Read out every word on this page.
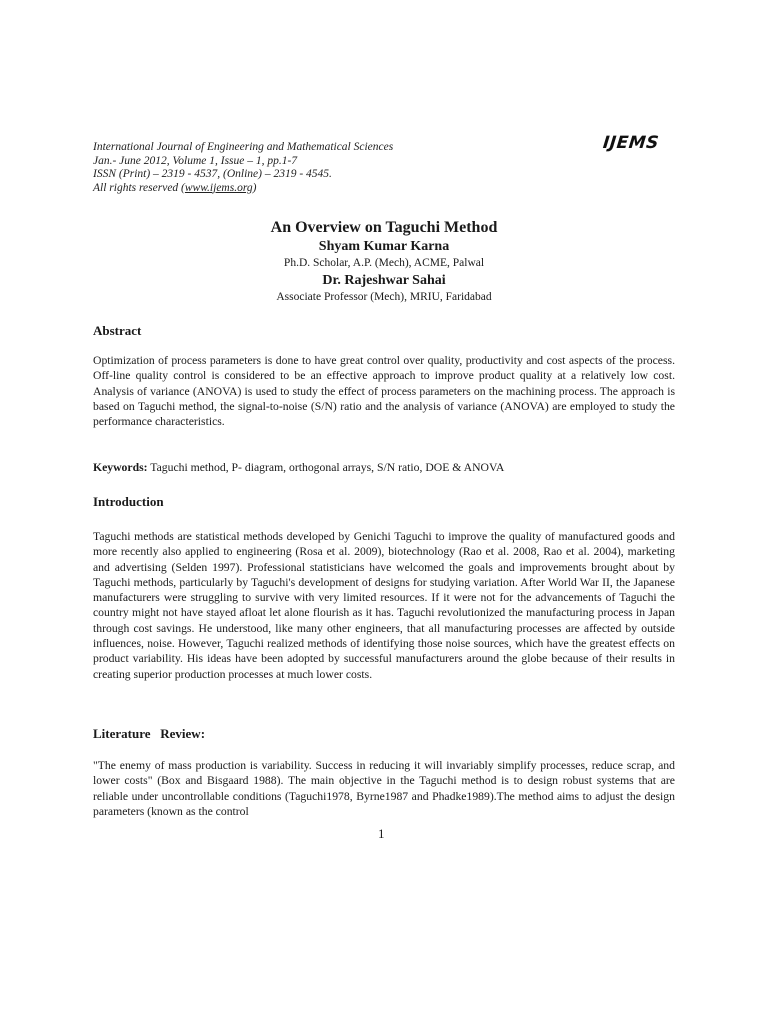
International Journal of Engineering and Mathematical Sciences
Jan.- June 2012, Volume 1, Issue – 1, pp.1-7
ISSN (Print) – 2319 - 4537, (Online) – 2319 - 4545.
All rights reserved (www.ijems.org)
IJEMS

An Overview on Taguchi Method

Shyam Kumar Karna

Ph.D. Scholar, A.P. (Mech), ACME, Palwal

Dr. Rajeshwar Sahai

Associate Professor (Mech), MRIU, Faridabad

Abstract

Optimization of process parameters is done to have great control over quality, productivity and cost aspects of the process. Off-line quality control is considered to be an effective approach to improve product quality at a relatively low cost. Analysis of variance (ANOVA) is used to study the effect of process parameters on the machining process. The approach is based on Taguchi method, the signal-to-noise (S/N) ratio and the analysis of variance (ANOVA) are employed to study the performance characteristics.

Keywords: Taguchi method, P- diagram, orthogonal arrays, S/N ratio, DOE & ANOVA

Introduction

Taguchi methods are statistical methods developed by Genichi Taguchi to improve the quality of manufactured goods and more recently also applied to engineering (Rosa et al. 2009), biotechnology (Rao et al. 2008, Rao et al. 2004), marketing and advertising (Selden 1997). Professional statisticians have welcomed the goals and improvements brought about by Taguchi methods, particularly by Taguchi's development of designs for studying variation. After World War II, the Japanese manufacturers were struggling to survive with very limited resources. If it were not for the advancements of Taguchi the country might not have stayed afloat let alone flourish as it has. Taguchi revolutionized the manufacturing process in Japan through cost savings. He understood, like many other engineers, that all manufacturing processes are affected by outside influences, noise. However, Taguchi realized methods of identifying those noise sources, which have the greatest effects on product variability. His ideas have been adopted by successful manufacturers around the globe because of their results in creating superior production processes at much lower costs.

Literature   Review:

"The enemy of mass production is variability. Success in reducing it will invariably simplify processes, reduce scrap, and lower costs" (Box and Bisgaard 1988). The main objective in the Taguchi method is to design robust systems that are reliable under uncontrollable conditions (Taguchi1978, Byrne1987 and Phadke1989).The method aims to adjust the design parameters (known as the control

1
